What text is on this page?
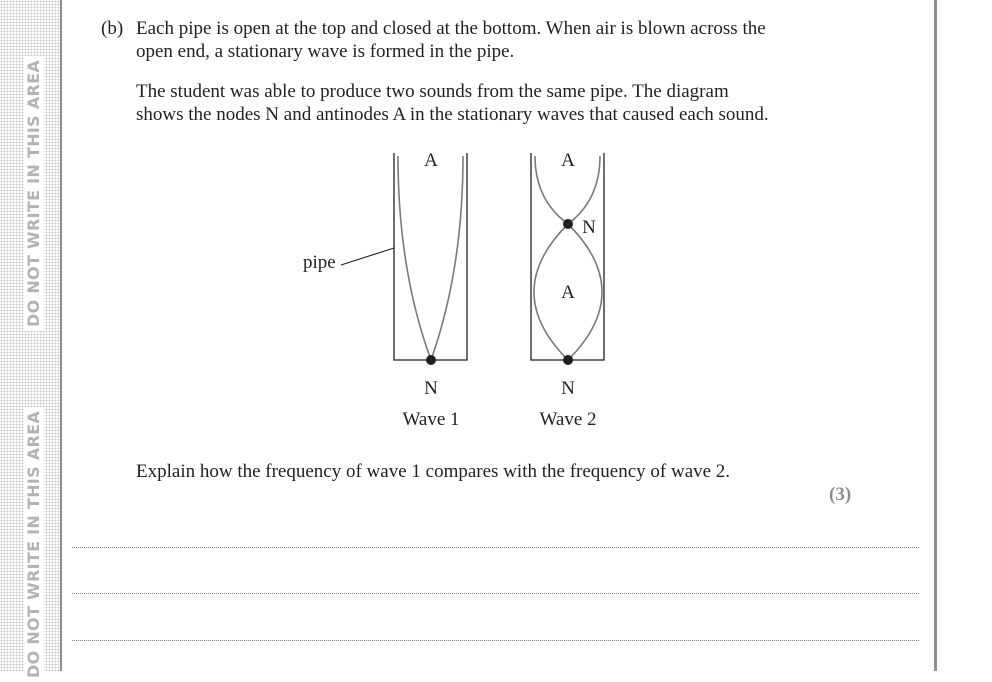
DO NOT WRITE IN THIS AREA
DO NOT WRITE IN THIS AREA
(b) Each pipe is open at the top and closed at the bottom. When air is blown across the
open end, a stationary wave is formed in the pipe.
The student was able to produce two sounds from the same pipe. The diagram
shows the nodes N and antinodes A in the stationary waves that caused each sound.
A
N
Wave 1
pipe
A
N
A
N
Wave 2
Explain how the frequency of wave 1 compares with the frequency of wave 2.
(3)
